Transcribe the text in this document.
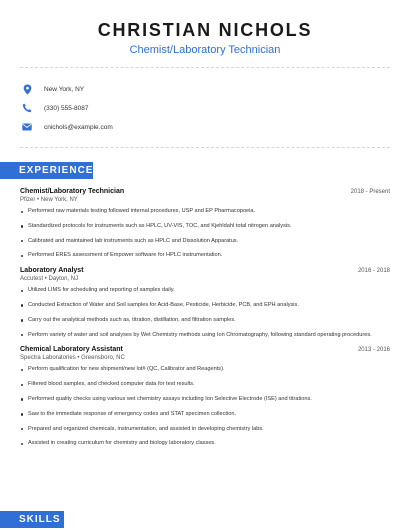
CHRISTIAN NICHOLS
Chemist/Laboratory Technician
New York, NY
(330) 555-8087
cnichols@example.com
EXPERIENCE
Chemist/Laboratory Technician	2018 - Present
Pfizer • New York, NY
Performed raw materials testing followed internal procedures, USP and EP Pharmacopoeia.
Standardized protocols for instruments such as HPLC, UV-VIS, TOC, and Kjehldahl total nitrogen analysis.
Calibrated and maintained lab instruments such as HPLC and Dissolution Apparatus.
Performed ERES assessment of Empower software for HPLC instrumentation.
Laboratory Analyst	2016 - 2018
Accutest • Dayton, NJ
Utilized LIMS for scheduling and reporting of samples daily.
Conducted Extraction of Water and Soil samples for Acid-Base, Pesticide, Herbicide, PCB, and EPH analysis.
Carry out the analytical methods such as, titration, distillation, and filtration samples.
Perform variety of water and soil analyses by Wet Chemistry methods using Ion Chromatography, following standard operating procedures.
Chemical Laboratory Assistant	2013 - 2016
Spectra Laboratories • Greensboro, NC
Perform qualification for new shipment/new lot# (QC, Calibrator and Reagents).
Filtered blood samples, and checked computer data for test results.
Performed quality checks using various wet chemistry assays including Ion Selective Electrode (ISE) and titrations.
Saw to the immediate response of emergency codes and STAT specimen collection.
Prepared and organized chemicals, instrumentation, and assisted in developing chemistry labs.
Assisted in creating curriculum for chemistry and biology laboratory classes.
SKILLS
